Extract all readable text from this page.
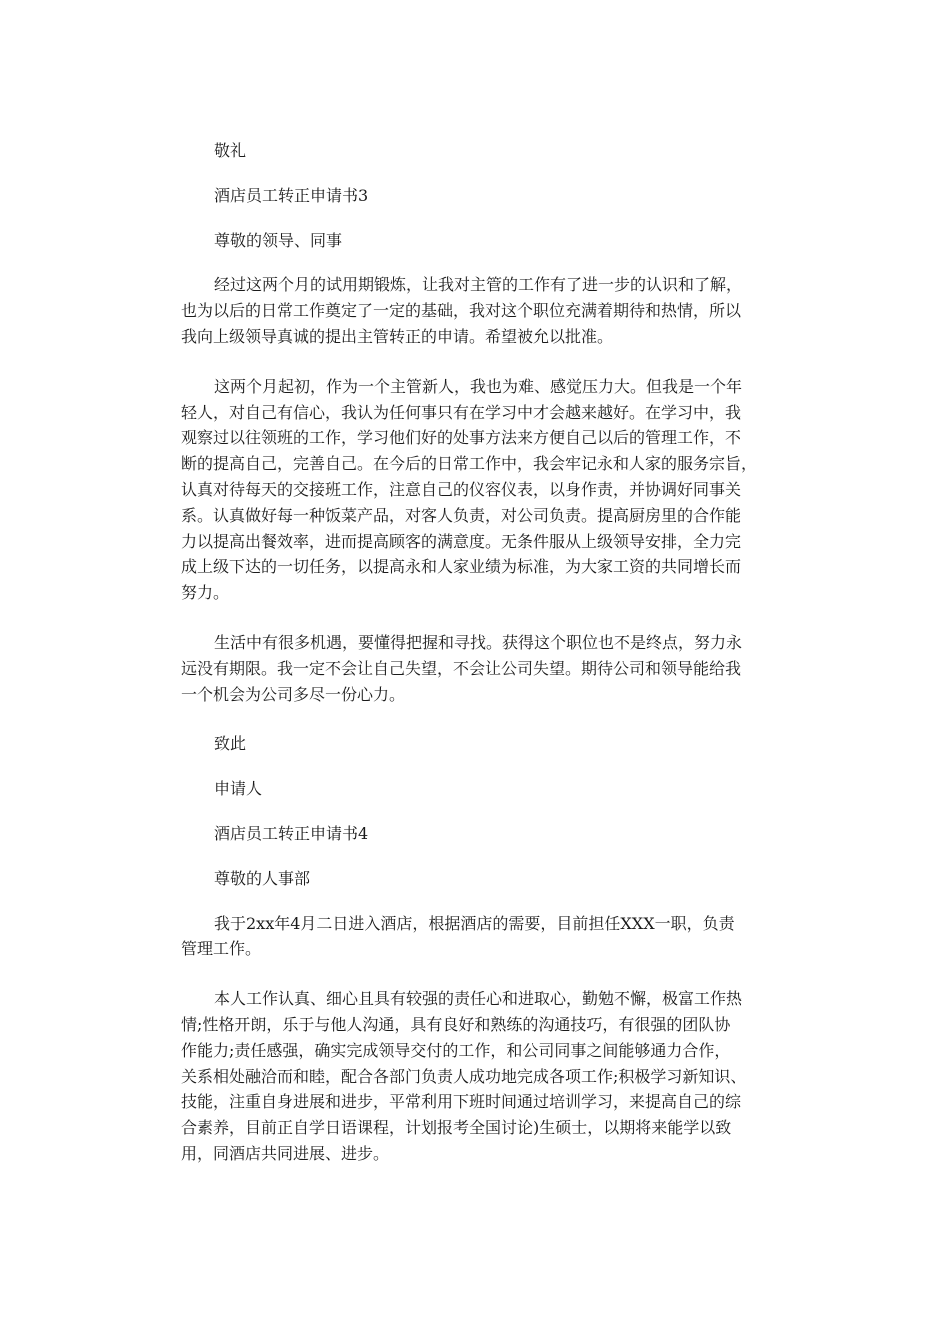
敬礼

酒店员工转正申请书3

尊敬的领导、同事

经过这两个月的试用期锻炼，让我对主管的工作有了进一步的认识和了解，

也为以后的日常工作奠定了一定的基础，我对这个职位充满着期待和热情，所以

我向上级领导真诚的提出主管转正的申请。希望被允以批准。

这两个月起初，作为一个主管新人，我也为难、感觉压力大。但我是一个年

轻人，对自己有信心，我认为任何事只有在学习中才会越来越好。在学习中，我

观察过以往领班的工作，学习他们好的处事方法来方便自己以后的管理工作，不

断的提高自己，完善自己。在今后的日常工作中，我会牢记永和人家的服务宗旨，

认真对待每天的交接班工作，注意自己的仪容仪表，以身作责，并协调好同事关

系。认真做好每一种饭菜产品，对客人负责，对公司负责。提高厨房里的合作能

力以提高出餐效率，进而提高顾客的满意度。无条件服从上级领导安排，全力完

成上级下达的一切任务，以提高永和人家业绩为标准，为大家工资的共同增长而

努力。

生活中有很多机遇，要懂得把握和寻找。获得这个职位也不是终点，努力永

远没有期限。我一定不会让自己失望，不会让公司失望。期待公司和领导能给我

一个机会为公司多尽一份心力。

致此

申请人

酒店员工转正申请书4

尊敬的人事部

我于2xx年4月二日进入酒店，根据酒店的需要，目前担任XXX一职，负责

管理工作。

本人工作认真、细心且具有较强的责任心和进取心，勤勉不懈，极富工作热

情;性格开朗，乐于与他人沟通，具有良好和熟练的沟通技巧，有很强的团队协

作能力;责任感强，确实完成领导交付的工作，和公司同事之间能够通力合作，

关系相处融洽而和睦，配合各部门负责人成功地完成各项工作;积极学习新知识、

技能，注重自身进展和进步，平常利用下班时间通过培训学习，来提高自己的综

合素养，目前正自学日语课程，计划报考全国讨论)生硕士，以期将来能学以致

用，同酒店共同进展、进步。
